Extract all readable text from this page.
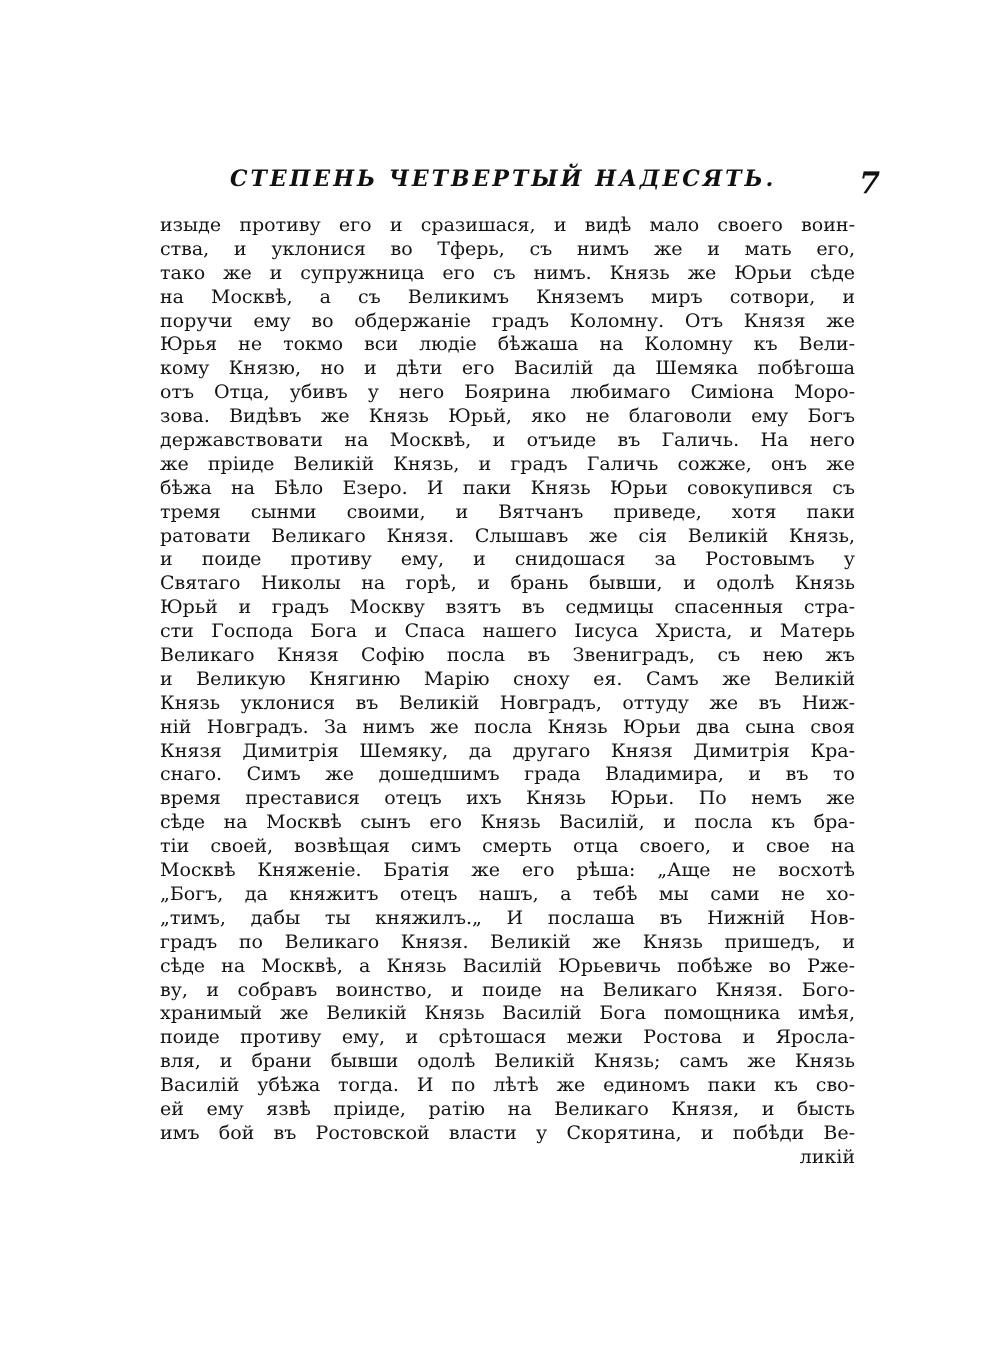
СТЕПЕНЬ ЧЕТВЕРТЫЙ НАДЕСЯТЬ.	7
изыде противу его и сразишася, и видѣ мало своего воин-
ства, и уклонися во Тферь, съ нимъ же и мать его,
тако же и супружница его съ нимъ. Князь же Юрьи сѣде
на Москвѣ, а съ Великимъ Княземъ миръ сотвори, и
поручи ему во обдержаніе градъ Коломну. Отъ Князя же
Юрья не токмо вси людіе бѣжаша на Коломну къ Вели-
кому Князю, но и дѣти его Василій да Шемяка побѣгоша
отъ Отца, убивъ у него Боярина любимаго Симіона Моро-
зова. Видѣвъ же Князь Юрьй, яко не благоволи ему Богъ
державствовати на Москвѣ, и отъиде въ Галичь. На него
же пріиде Великій Князь, и градъ Галичь сожже, онъ же
бѣжа на Бѣло Езеро. И паки Князь Юрьи совокупився съ
тремя сынми своими, и Вятчанъ приведе, хотя паки
ратовати Великаго Князя. Слышавъ же сія Великій Князь,
и поиде противу ему, и снидошася за Ростовымъ у
Святаго Николы на горѣ, и брань бывши, и одолѣ Князь
Юрьй и градъ Москву взятъ въ седмицы спасенныя стра-
сти Господа Бога и Спаса нашего Іисуса Христа, и Матерь
Великаго Князя Софію посла въ Звениградъ, съ нею жъ
и Великую Княгиню Марію сноху ея. Самъ же Великій
Князь уклонися въ Великій Новградъ, оттуду же въ Ниж-
ній Новградъ. За нимъ же посла Князь Юрьи два сына своя
Князя Димитрія Шемяку, да другаго Князя Димитрія Кра-
снаго. Симъ же дошедшимъ града Владимира, и въ то
время преставися отецъ ихъ Князь Юрьи. По немъ же
сѣде на Москвѣ сынъ его Князь Василій, и посла къ бра-
тіи своей, возвѣщая симъ смерть отца своего, и свое на
Москвѣ Княженіе. Братія же его рѣша: „Аще не восхотѣ
„Богъ, да княжитъ отецъ нашъ, а тебѣ мы сами не хо-
„тимъ, дабы ты княжилъ.„ И послаша въ Нижній Нов-
градъ по Великаго Князя. Великій же Князь пришедъ, и
сѣде на Москвѣ, а Князь Василій Юрьевичь побѣже во Рже-
ву, и собравъ воинство, и поиде на Великаго Князя. Бого-
хранимый же Великій Князь Василій Бога помощника имѣя,
поиде противу ему, и срѣтошася межи Ростова и Яросла-
вля, и брани бывши одолѣ Великій Князь; самъ же Князь
Василій убѣжа тогда. И по лѣтѣ же единомъ паки къ сво-
ей ему язвѣ пріиде, ратію на Великаго Князя, и бысть
имъ бой въ Ростовской власти у Скорятина, и побѣди Ве-
ликій
